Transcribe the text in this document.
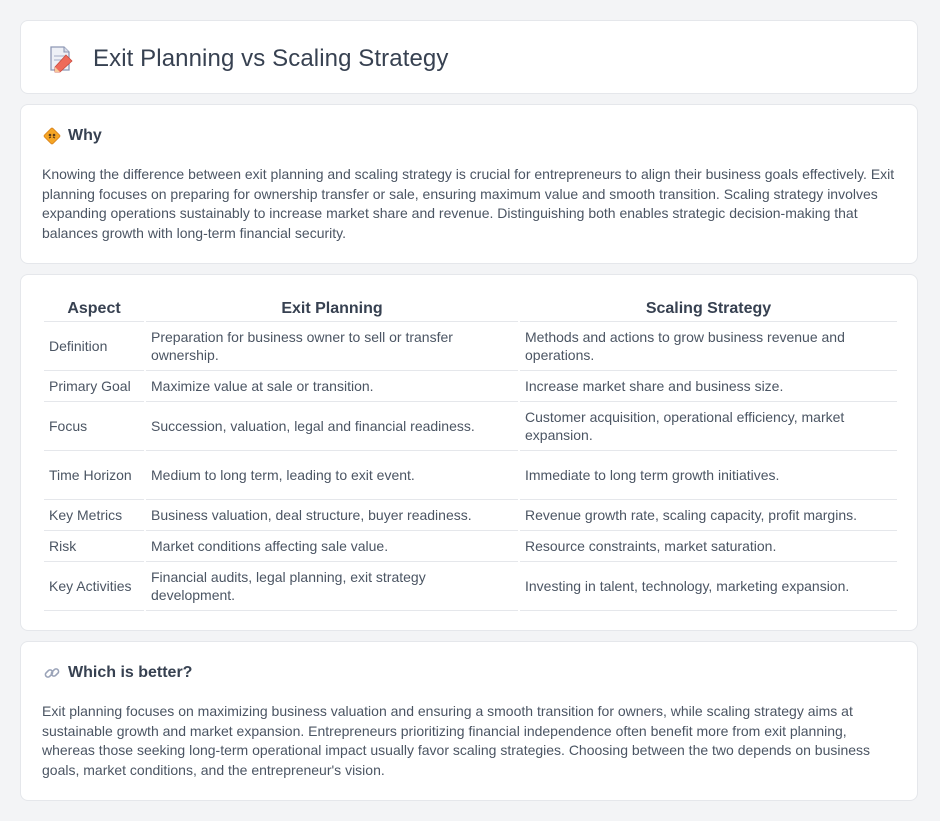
Exit Planning vs Scaling Strategy
Why

Knowing the difference between exit planning and scaling strategy is crucial for entrepreneurs to align their business goals effectively. Exit planning focuses on preparing for ownership transfer or sale, ensuring maximum value and smooth transition. Scaling strategy involves expanding operations sustainably to increase market share and revenue. Distinguishing both enables strategic decision-making that balances growth with long-term financial security.

Aspect	Exit Planning	Scaling Strategy
Definition	Preparation for business owner to sell or transfer ownership.	Methods and actions to grow business revenue and operations.
Primary Goal	Maximize value at sale or transition.	Increase market share and business size.
Focus	Succession, valuation, legal and financial readiness.	Customer acquisition, operational efficiency, market expansion.
Time Horizon	Medium to long term, leading to exit event.	Immediate to long term growth initiatives.
Key Metrics	Business valuation, deal structure, buyer readiness.	Revenue growth rate, scaling capacity, profit margins.
Risk	Market conditions affecting sale value.	Resource constraints, market saturation.
Key Activities	Financial audits, legal planning, exit strategy development.	Investing in talent, technology, marketing expansion.
Which is better?

Exit planning focuses on maximizing business valuation and ensuring a smooth transition for owners, while scaling strategy aims at sustainable growth and market expansion. Entrepreneurs prioritizing financial independence often benefit more from exit planning, whereas those seeking long-term operational impact usually favor scaling strategies. Choosing between the two depends on business goals, market conditions, and the entrepreneur's vision.
